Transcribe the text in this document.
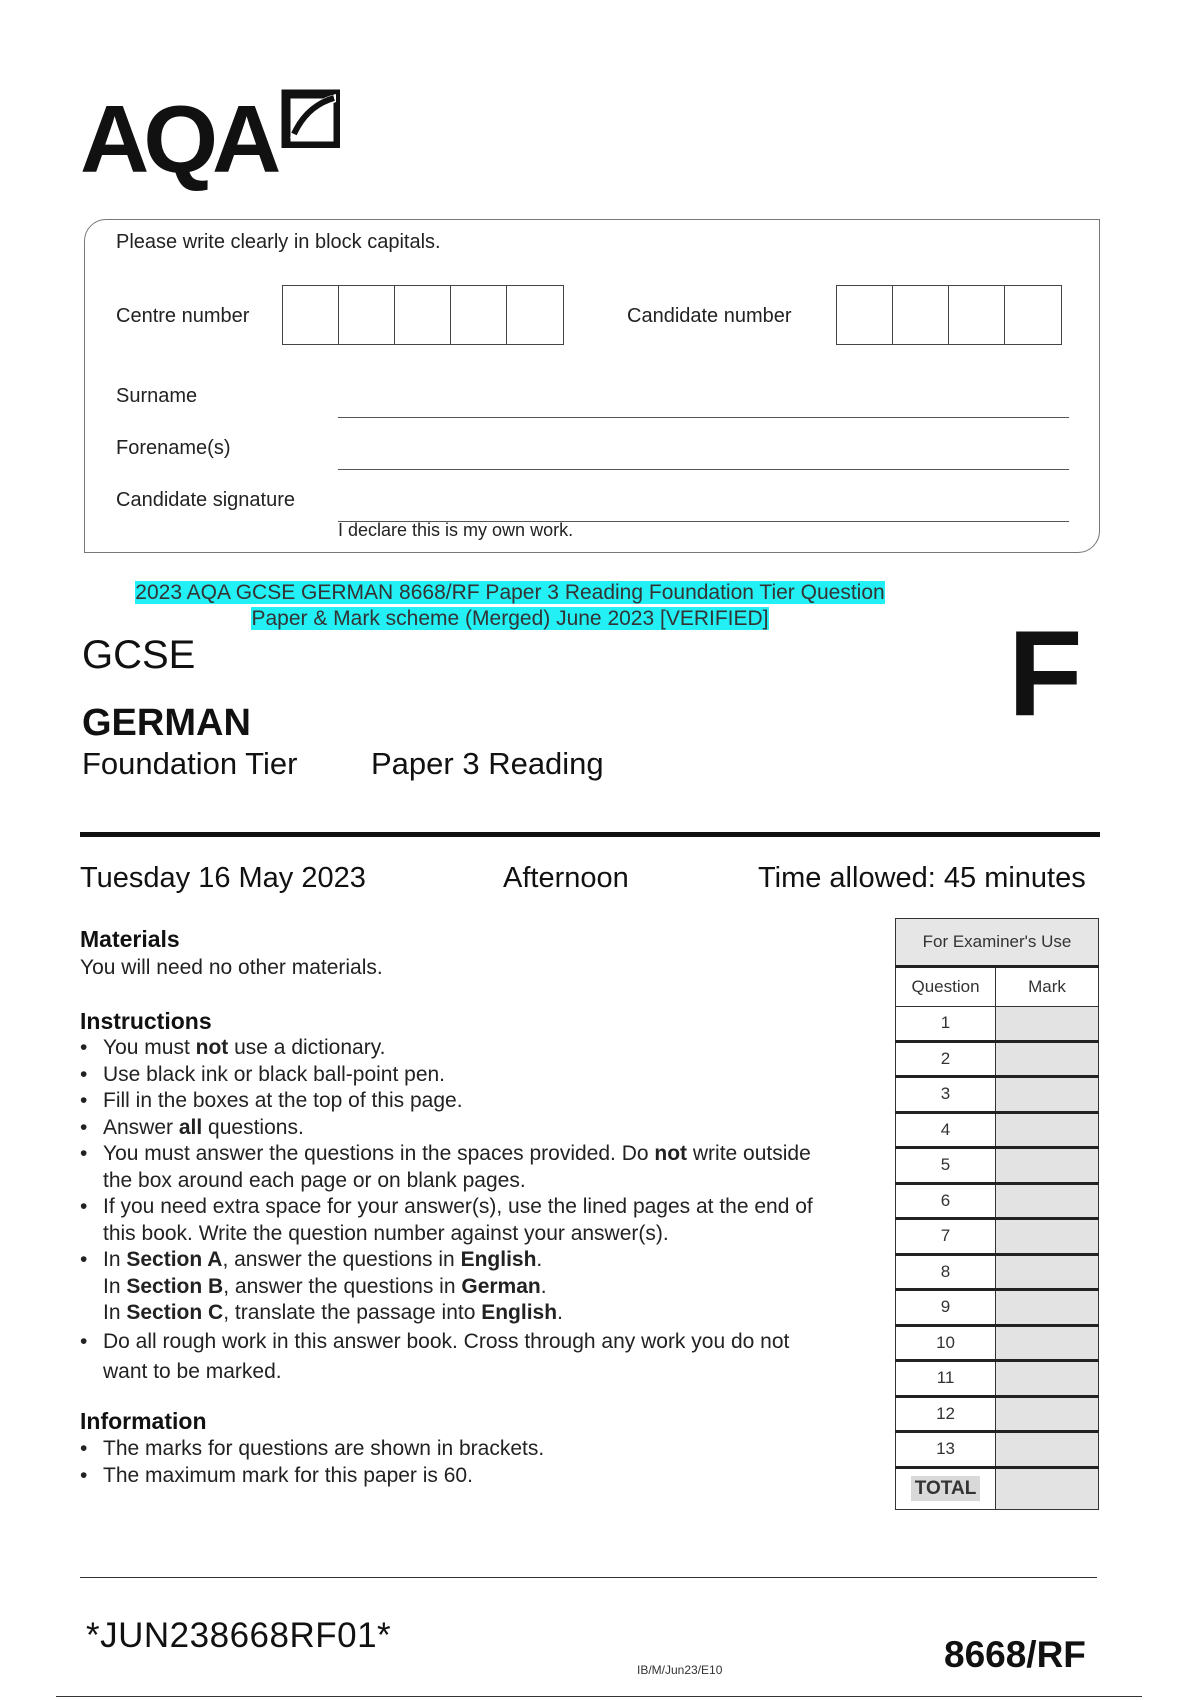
AQA
Please write clearly in block capitals.
Centre number	Candidate number
Surname
Forename(s)
Candidate signature
I declare this is my own work.
2023 AQA GCSE GERMAN 8668/RF Paper 3 Reading Foundation Tier Question
Paper & Mark scheme (Merged) June 2023 [VERIFIED]
GCSE
GERMAN
Foundation Tier Paper 3 Reading
F
Tuesday 16 May 2023	Afternoon	Time allowed: 45 minutes
Materials
You will need no other materials.
Instructions
• You must not use a dictionary.
• Use black ink or black ball-point pen.
• Fill in the boxes at the top of this page.
• Answer all questions.
• You must answer the questions in the spaces provided. Do not write outside
the box around each page or on blank pages.
• If you need extra space for your answer(s), use the lined pages at the end of
this book. Write the question number against your answer(s).
• In Section A, answer the questions in English.
In Section B, answer the questions in German.
In Section C, translate the passage into English.
• Do all rough work in this answer book. Cross through any work you do not
want to be marked.
Information
• The marks for questions are shown in brackets.
• The maximum mark for this paper is 60.
For Examiner's Use	
Question	Mark
1	
2	
3	
4	
5	
6	
7	
8	
9	
10	
11	
12	
13	
TOTAL	
*JUN238668RF01*
IB/M/Jun23/E10	8668/RF
